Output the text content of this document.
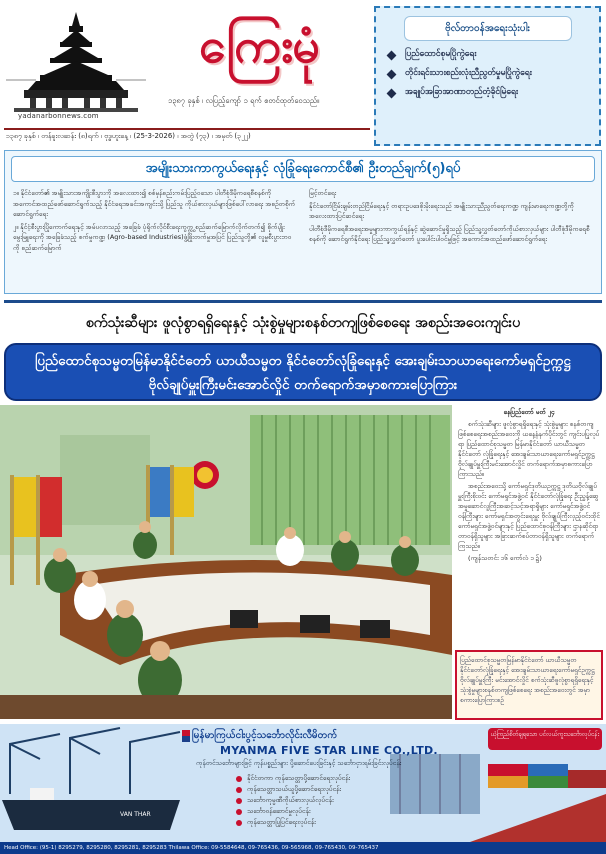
yadanarbonnews.com
ကြေးမုံ
၁၃၈၇ ခုနှစ် ၊ လပြည့်ကျော် ၁ ရက် စတင်ထုတ်ဝေသည်။
၁၃၈၇ ခုနှစ် ၊ တန်ခူးလဆန်း (၈)ရက် ၊ ဗုဒ္ဓဟူးနေ့ ၊ (25-3-2026) ၊ အတွဲ (၇၃) ၊ အမှတ် (၃၂၂)
ဗိုလ်တာဝန်အရေးသုံးပါး
ပြည်ထောင်စုမပြိုကွဲရေး
တိုင်းရင်းသားစည်းလုံးညီညွတ်မှုမပြိုကွဲရေး
အချုပ်အခြာအာဏာတည်တံ့ခိုင်မြဲရေး
အမျိုးသားကာကွယ်ရေးနှင့် လုံခြုံရေးကောင်စီ၏ ဦးတည်ချက်(၅)ရပ်

၁။ နိုင်ငံတော်၏ အမျိုးသားအကျိုးစီးပွားကို အလေးထား၍ စစ်မှန်စည်းကမ်းပြည့်ဝသော ပါတီစုံဒီမိုကရေစီစနစ်ကို အကောင်အထည်ဖော်ဆောင်ရွက်သည့် နိုင်ငံရေးအခင်းအကျင်းသို့ ပြည်သူ ကိုယ်စားလှယ်များဖြစ်ပေါ်လာရေး အစဉ်တစိုက်ဆောင်ရွက်ရေး

၂။ နိုင်ငံ့စီးပွားပြိုကောက်ရေးနှင့် အမ်ပလာသည့် အခြေခံ ပုံရိုက်လိုင်စီးရေးကွက္ကွ စည်ဆက်မြောက်လိုက်တက်၍ စိုက်ပျိုးမွေးမြူရေးကို အခြေခံသည့် စက်မှုကဏ္ဍ (Agro-based Industries)ဖွံ့ဖြိုးတက်မှုအပြင် ပြည်သူတို့၏ လူမှုစီးပွားဘဝကို စည်ဆက်မြောက်

မြင့်တင်ရေး

နိုင်ငံတော်ငြိမ်းချမ်းတည်ငြိမ်ရေးနှင့် တရားဥပဒေစိုးမိုးရေးသည် အမျိုးသားညီညွတ်ရေးကဏ္ဍ ကျန်းမာရေးကဏ္ဍတို့ကို အလေးထားပြင်ဆင်ရေး

ပါတီစုံဒီမိုကရေစီအရေးအမှုများကာကွယ်ရန်နှင့် ဆွဲဆောင်မှုရှိသည့် ပြည်သူ့လွှတ်တော်ကိုယ်စားလှယ်များ ပါတီစုံဒီမိုကရေစီစနစ်ကို ဆောင်ရွက်နိုင်ရေး ပြည်သူ့လွှတ်တော် ပူးပေါင်းပါဝင်မှုဖြင့် အကောင်အထည်ဖော်ဆောင်ရွက်ရေး

စက်သုံးဆီများ ဖူလုံစွာရရှိရေးနှင့် သုံးစွဲမှုများစနစ်တကျဖြစ်စေရေး အစည်းအဝေးကျင်းပ
ပြည်ထောင်စုသမ္မတမြန်မာနိုင်ငံတော် ယာယီသမ္မတ နိုင်ငံတော်လုံခြုံရေးနှင့် အေးချမ်းသာယာရေးကော်မရှင်ဥက္ကဋ္ဌ
ဗိုလ်ချုပ်မှူးကြီးမင်းအောင်လှိုင် တက်ရောက်အမှာစကားပြောကြား
နေပြည်တော် မတ် ၂၄

စက်သုံးဆီများ ဖူလုံစွာရရှိရေးနှင့် သုံးစွဲမှုများ စနစ်တကျဖြစ်စေရေးအစည်းအဝေးကို ယနေ့နံနက်ပိုင်းတွင် ကျင်းပပြုလုပ်ရာ ပြည်ထောင်စုသမ္မတ မြန်မာနိုင်ငံတော် ယာယီသမ္မတ နိုင်ငံတော် လုံခြုံရေးနှင့် အေးချမ်းသာယာရေးကော်မရှင်ဥက္ကဋ္ဌ ဗိုလ်ချုပ်မှူးကြီးမင်းအောင်လှိုင် တက်ရောက်အမှာစကားပြောကြားသည်။

အစည်းအဝေးသို့ ကော်မရှင်ဒုတိယဥက္ကဋ္ဌ ဒုတိယဗိုလ်ချုပ်မှူးကြီးစိုးဝင်း ကော်မရှင်အဖွဲ့ဝင် နိုင်ငံတော်လုံခြုံရေး ဦးညွှန့်ဆွေ အမှုဆောင်လူကြီးအဆင့်သင့်အရာရှိများ ကော်မရှင်အဖွဲ့ဝင်ဝန်ကြီးများ ကော်မရှင်အတွင်းရေးမှူး ဗိုလ်ချုပ်ကြီးလှည့်ဝင်းထိုင် ကော်မရှင်အဖွဲ့ဝင်များနှင့် ပြည်ထောင်စုဝန်ကြီးများ ဌာနဆိုင်ရာတာဝန်ရှိသူများ အခြားဆက်စပ်တာဝန်ရှိသူများ တက်ရောက်ကြသည်။

(ကျန်သတင်း ၁၆ ကော်လံ ၁ ၌)

ပြည်ထောင်စုသမ္မတမြန်မာနိုင်ငံတော် ယာယီသမ္မတ နိုင်ငံတော်လုံခြုံရေးနှင့် အေးချမ်းသာယာရေးကော်မရှင်ဥက္ကဋ္ဌ ဗိုလ်ချုပ်မှူးကြီး မင်းအောင်လှိုင် စက်သုံးဆီဖူလုံစွာရရှိရေးနှင့် သုံးစွဲမှုများစနစ်တကျဖြစ်စေရေး အစည်းအဝေးတွင် အမှာစကားပြောကြားစဉ်
VAN THAR
မြန်မာကြယ်ငါးပွင့်သင်္ဘောလိုင်းလီမိတက်
MYANMA FIVE STAR LINE CO.,LTD.
ကုန်တင်သင်္ဘောများဖြင့် ကုန်ပစ္စည်းများ ပို့ဆောင်ပေးခြင်းနှင့် သင်္ဘောငှားရမ်းခြင်းလုပ်ငန်း
နိုင်ငံတကာ ကုန်သေတ္တာပို့ဆောင်ရေးလုပ်ငန်း
ကုန်သေတ္တာသယ်ယူပို့ဆောင်ရေးလုပ်ငန်း
သင်္ဘောကုမ္ပဏီကိုယ်စားလှယ်လုပ်ငန်း
သင်္ဘောဝန်ဆောင်မှုလုပ်ငန်း
ကုန်သေတ္တာပြုပြင်ရေးလုပ်ငန်း
ယုံကြည်စိတ်ချရသော ပင်လယ်ကူးသင်္ဘောလုပ်ငန်း
Head Office: (95-1) 8295279, 8295280, 8295281, 8295283 Thilawa Office: 09-5584648, 09-765436, 09-565968, 09-765430, 09-765437
